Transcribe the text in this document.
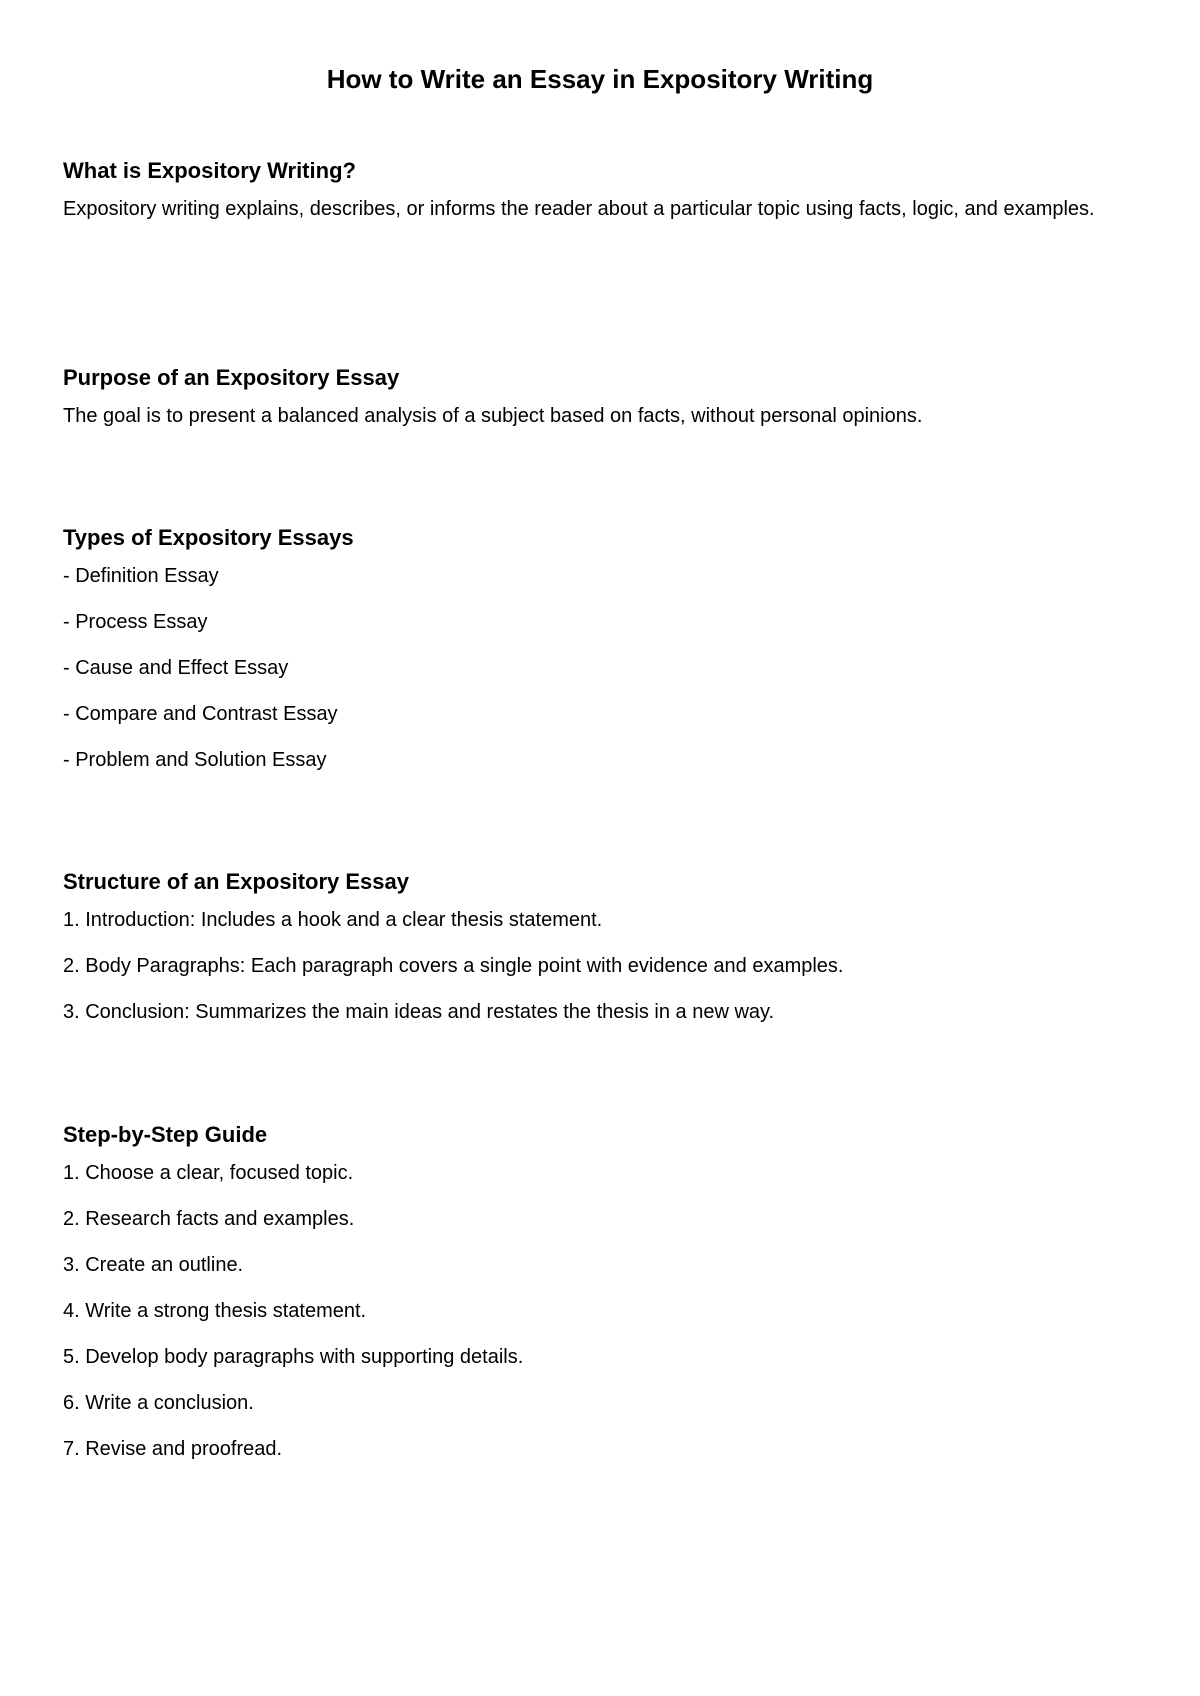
How to Write an Essay in Expository Writing
What is Expository Writing?

Expository writing explains, describes, or informs the reader about a particular topic using facts, logic, and examples.

Purpose of an Expository Essay

The goal is to present a balanced analysis of a subject based on facts, without personal opinions.

Types of Expository Essays
- Definition Essay
- Process Essay
- Cause and Effect Essay
- Compare and Contrast Essay
- Problem and Solution Essay
Structure of an Expository Essay
1. Introduction: Includes a hook and a clear thesis statement.
2. Body Paragraphs: Each paragraph covers a single point with evidence and examples.
3. Conclusion: Summarizes the main ideas and restates the thesis in a new way.
Step-by-Step Guide
1. Choose a clear, focused topic.
2. Research facts and examples.
3. Create an outline.
4. Write a strong thesis statement.
5. Develop body paragraphs with supporting details.
6. Write a conclusion.
7. Revise and proofread.
